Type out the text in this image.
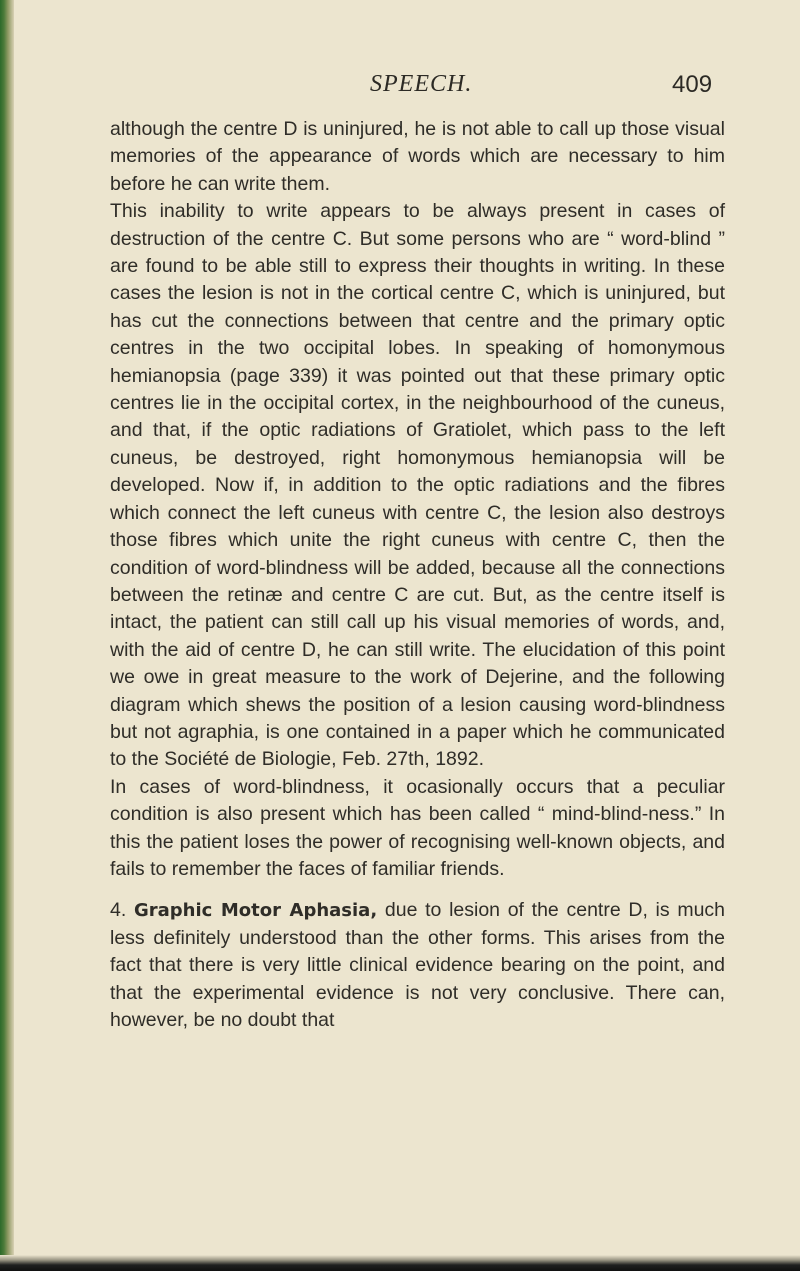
SPEECH.	409

although the centre D is uninjured, he is not able to call up those visual memories of the appearance of words which are necessary to him before he can write them.

This inability to write appears to be always present in cases of destruction of the centre C. But some persons who are “ word-blind ” are found to be able still to express their thoughts in writing. In these cases the lesion is not in the cortical centre C, which is uninjured, but has cut the connections between that centre and the primary optic centres in the two occipital lobes. In speaking of homonymous hemianopsia (page 339) it was pointed out that these primary optic centres lie in the occipital cortex, in the neighbourhood of the cuneus, and that, if the optic radiations of Gratiolet, which pass to the left cuneus, be destroyed, right homonymous hemianopsia will be developed. Now if, in addition to the optic radiations and the fibres which connect the left cuneus with centre C, the lesion also destroys those fibres which unite the right cuneus with centre C, then the condition of word-blindness will be added, because all the connections between the retinæ and centre C are cut. But, as the centre itself is intact, the patient can still call up his visual memories of words, and, with the aid of centre D, he can still write. The elucidation of this point we owe in great measure to the work of Dejerine, and the following diagram which shews the position of a lesion causing word-blindness but not agraphia, is one contained in a paper which he communicated to the Société de Biologie, Feb. 27th, 1892.

In cases of word-blindness, it ocasionally occurs that a peculiar condition is also present which has been called “ mind-blind-ness.” In this the patient loses the power of recognising well-known objects, and fails to remember the faces of familiar friends.

4. Graphic Motor Aphasia, due to lesion of the centre D, is much less definitely understood than the other forms. This arises from the fact that there is very little clinical evidence bearing on the point, and that the experimental evidence is not very conclusive. There can, however, be no doubt that
